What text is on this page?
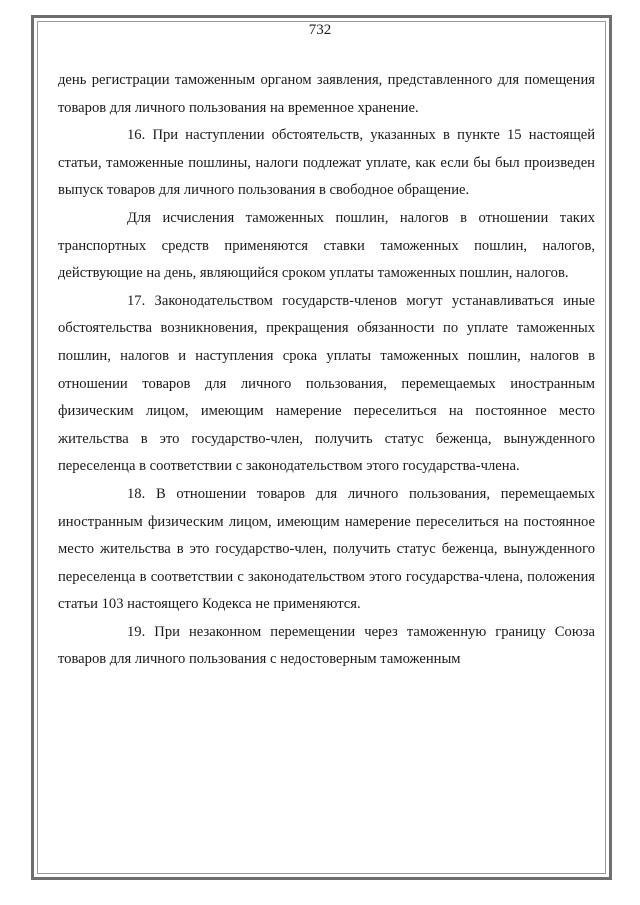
732

день регистрации таможенным органом заявления, представленного для помещения товаров для личного пользования на временное хранение.

16. При наступлении обстоятельств, указанных в пункте 15 настоящей статьи, таможенные пошлины, налоги подлежат уплате, как если бы был произведен выпуск товаров для личного пользования в свободное обращение.

Для исчисления таможенных пошлин, налогов в отношении таких транспортных средств применяются ставки таможенных пошлин, налогов, действующие на день, являющийся сроком уплаты таможенных пошлин, налогов.

17. Законодательством государств-членов могут устанавливаться иные обстоятельства возникновения, прекращения обязанности по уплате таможенных пошлин, налогов и наступления срока уплаты таможенных пошлин, налогов в отношении товаров для личного пользования, перемещаемых иностранным физическим лицом, имеющим намерение переселиться на постоянное место жительства в это государство-член, получить статус беженца, вынужденного переселенца в соответствии с законодательством этого государства-члена.

18. В отношении товаров для личного пользования, перемещаемых иностранным физическим лицом, имеющим намерение переселиться на постоянное место жительства в это государство-член, получить статус беженца, вынужденного переселенца в соответствии с законодательством этого государства-члена, положения статьи 103 настоящего Кодекса не применяются.

19. При незаконном перемещении через таможенную границу Союза товаров для личного пользования с недостоверным таможенным
